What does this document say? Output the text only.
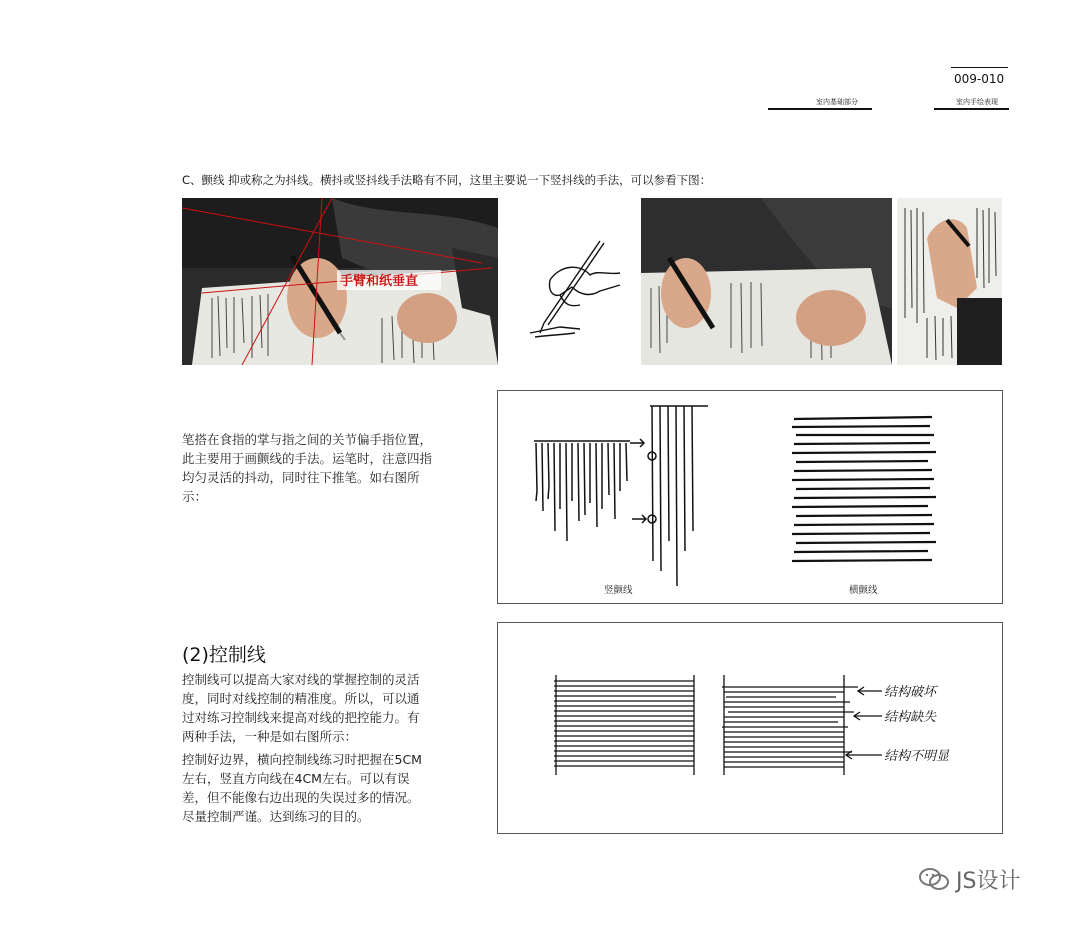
009-010
室内基础部分	室内手绘表现
C、颤线 抑或称之为抖线。横抖或竖抖线手法略有不同，这里主要说一下竖抖线的手法，可以参看下图：
手臂和纸垂直
笔搭在食指的掌与指之间的关节偏手指位置，此主要用于画颤线的手法。运笔时，注意四指均匀灵活的抖动，同时往下推笔。如右图所示：
竖颤线	横颤线
(2)控制线
控制线可以提高大家对线的掌握控制的灵活度，同时对线控制的精准度。所以，可以通过对练习控制线来提高对线的把控能力。有两种手法，一种是如右图所示：
控制好边界，横向控制线练习时把握在5CM左右，竖直方向线在4CM左右。可以有误差，但不能像右边出现的失误过多的情况。尽量控制严谨。达到练习的目的。
结构破坏
结构缺失
结构不明显
JS设计
